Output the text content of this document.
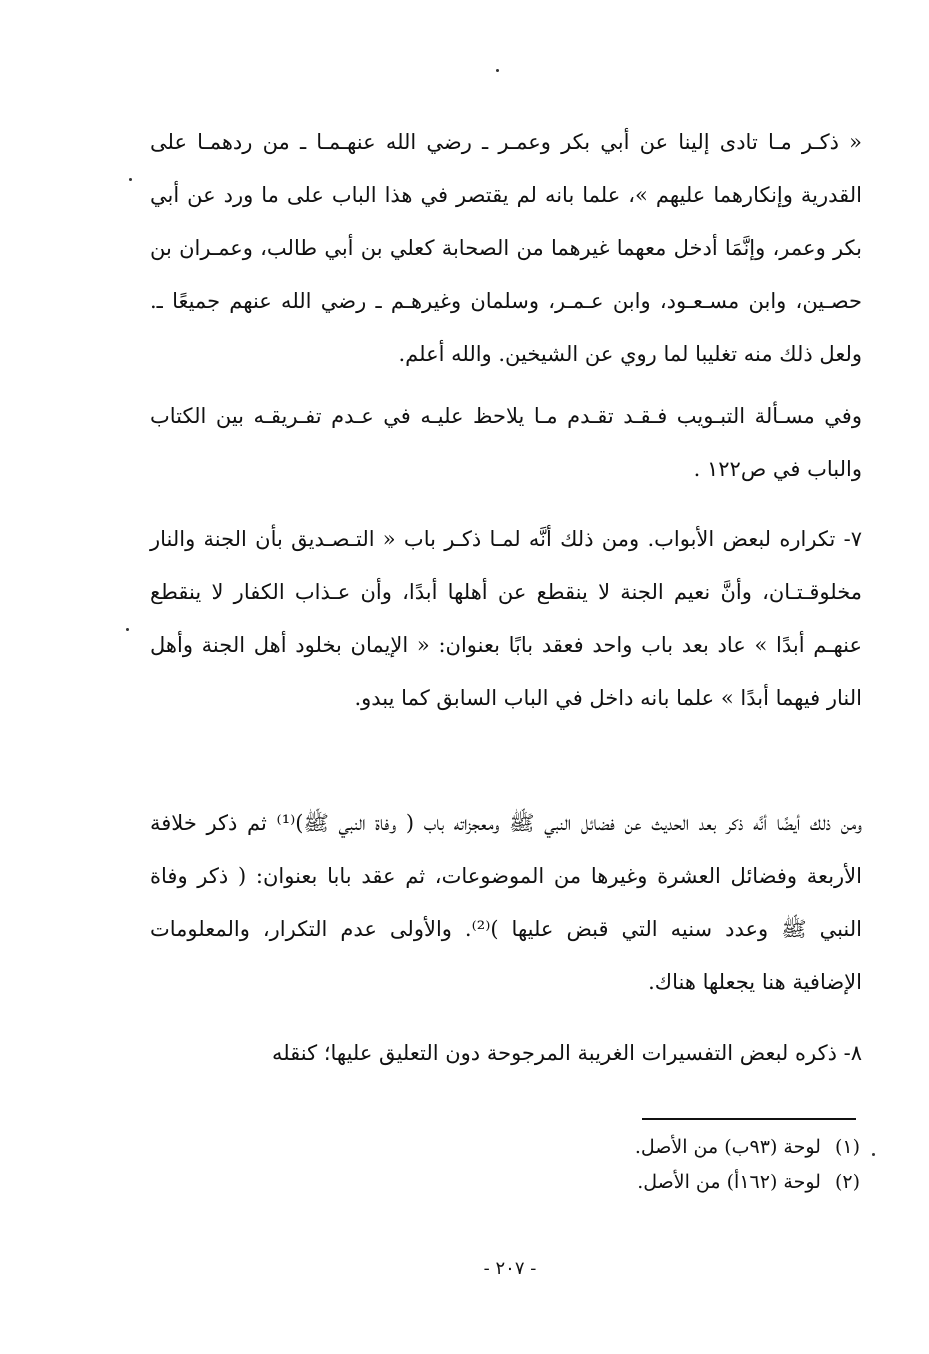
« ذكـر مـا تادى إلينا عن أبي بكر وعمـر ـ رضي الله عنهـمـا ـ من ردهمـا على القدرية وإنكارهما عليهم »، علما بانه لم يقتصر في هذا الباب على ما ورد عن أبي بكر وعمر، وإنَّمَا أدخل معهما غيرهما من الصحابة كعلي بن أبي طالب، وعمـران بن حصـين، وابن مسـعـود، وابن عـمـر، وسلمان وغيرهـم ـ رضي الله عنهم جميعًا ـ. ولعل ذلك منه تغليبا لما روي عن الشيخين. والله أعلم.

وفي مسـألة التبـويب فـقـد تقـدم مـا يلاحظ عليـه في عـدم تفـريقـه بين الكتاب والباب في ص١٢٢ .

٧- تكراره لبعض الأبواب. ومن ذلك أنَّه لمـا ذكـر باب « التـصـديق بأن الجنة والنار مخلوقـتـان، وأنَّ نعيم الجنة لا ينقطع عن أهلها أبدًا، وأن عـذاب الكفار لا ينقطع عنهـم أبدًا » عاد بعد باب واحد فعقد بابًا بعنوان: « الإيمان بخلود أهل الجنة وأهل النار فيهما أبدًا » علما بانه داخل في الباب السابق كما يبدو.

ومن ذلك أيضًا أنَّه ذكر بعد الحديث عن فضائل النبي ﷺ ومعجزاته باب ( وفاة النبي ﷺ)⁽¹⁾ ثم ذكر خلافة الأربعة وفضائل العشرة وغيرها من الموضوعات، ثم عقد بابا بعنوان: ( ذكر وفاة النبي ﷺ وعدد سنيه التي قبض عليها )⁽²⁾. والأولى عدم التكرار، والمعلومات الإضافية هنا يجعلها هناك.

٨- ذكره لبعض التفسيرات الغريبة المرجوحة دون التعليق عليها؛ كنقله

(١)لوحة (٩٣ب) من الأصل.
(٢)لوحة (١٦٢أ) من الأصل.
- ٢٠٧ -
